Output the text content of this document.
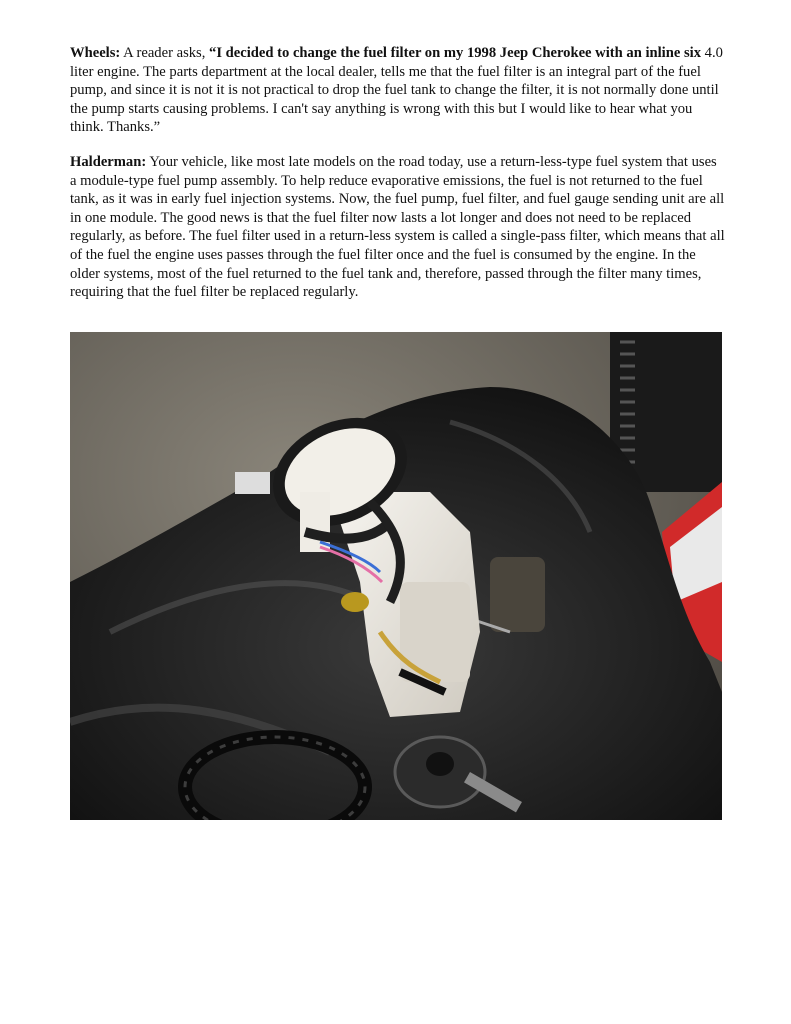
Wheels: A reader asks, “I decided to change the fuel filter on my 1998 Jeep Cherokee with an inline six 4.0 liter engine. The parts department at the local dealer, tells me that the fuel filter is an integral part of the fuel pump, and since it is not it is not practical to drop the fuel tank to change the filter, it is not normally done until the pump starts causing problems. I can't say anything is wrong with this but I would like to hear what you think. Thanks.”

Halderman: Your vehicle, like most late models on the road today, use a return-less-type fuel system that uses a module-type fuel pump assembly. To help reduce evaporative emissions, the fuel is not returned to the fuel tank, as it was in early fuel injection systems. Now, the fuel pump, fuel filter, and fuel gauge sending unit are all in one module. The good news is that the fuel filter now lasts a lot longer and does not need to be replaced regularly, as before. The fuel filter used in a return-less system is called a single-pass filter, which means that all of the fuel the engine uses passes through the fuel filter once and the fuel is consumed by the engine. In the older systems, most of the fuel returned to the fuel tank and, therefore, passed through the filter many times, requiring that the fuel filter be replaced regularly.
